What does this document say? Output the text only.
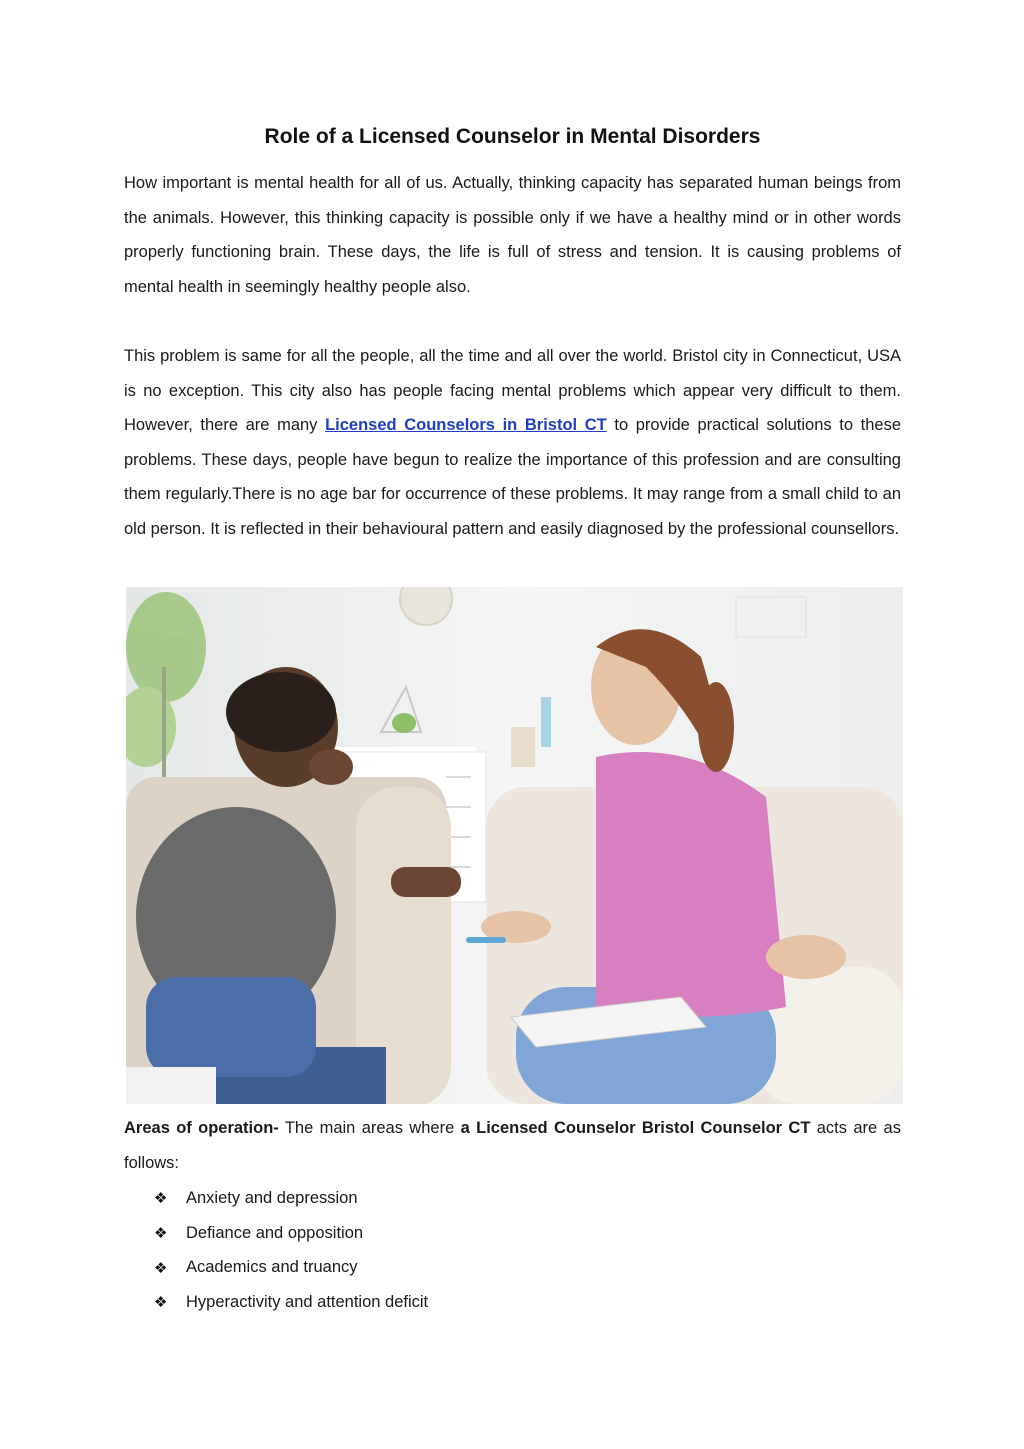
Role of a Licensed Counselor in Mental Disorders

How important is mental health for all of us. Actually, thinking capacity has separated human beings from the animals. However, this thinking capacity is possible only if we have a healthy mind or in other words properly functioning brain. These days, the life is full of stress and tension. It is causing problems of mental health in seemingly healthy people also.

This problem is same for all the people, all the time and all over the world. Bristol city in Connecticut, USA is no exception. This city also has people facing mental problems which appear very difficult to them. However, there are many Licensed Counselors in Bristol CT to provide practical solutions to these problems. These days, people have begun to realize the importance of this profession and are consulting them regularly.There is no age bar for occurrence of these problems. It may range from a small child to an old person. It is reflected in their behavioural pattern and easily diagnosed by the professional counsellors.

Areas of operation- The main areas where a Licensed Counselor Bristol Counselor CT acts are as follows:

❖	Anxiety and depression
❖	Defiance and opposition
❖	Academics and truancy
❖	Hyperactivity and attention deficit
